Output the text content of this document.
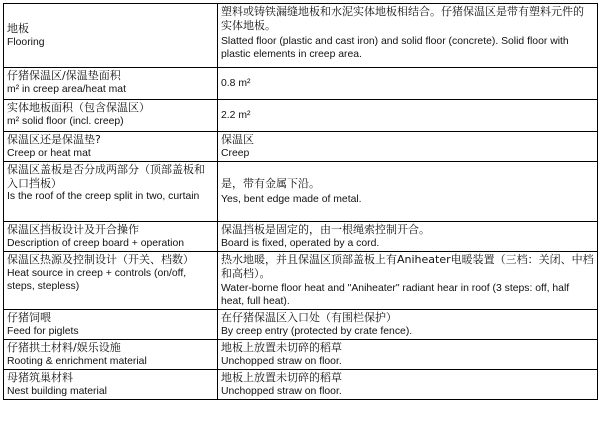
地板
Flooring	塑料或铸铁漏缝地板和水泥实体地板相结合。仔猪保温区是带有塑料元件的实体地板。
Slatted floor (plastic and cast iron) and solid floor (concrete). Solid floor with plastic elements in creep area.

仔猪保温区/保温垫面积
m² in creep area/heat mat	0.8 m²

实体地板面积（包含保温区）
m² solid floor (incl. creep)	2.2 m²

保温区还是保温垫?
Creep or heat mat	保温区
Creep

保温区盖板是否分成两部分（顶部盖板和入口挡板）
Is the roof of the creep split in two, curtain	是，带有金属下沿。
Yes, bent edge made of metal.

保温区挡板设计及开合操作
Description of creep board + operation	保温挡板是固定的，由一根绳索控制开合。
Board is fixed, operated by a cord.

保温区热源及控制设计（开关、档数）
Heat source in creep + controls (on/off, steps, stepless)	热水地暖，并且保温区顶部盖板上有Aniheater电暖装置（三档：关闭、中档和高档）。
Water-borne floor heat and "Aniheater" radiant hear in roof (3 steps: off, half heat, full heat).

仔猪饲喂
Feed for piglets	在仔猪保温区入口处（有围栏保护）
By creep entry (protected by crate fence).

仔猪拱土材料/娱乐设施
Rooting & enrichment material	地板上放置未切碎的稻草
Unchopped straw on floor.

母猪筑巢材料
Nest building material	地板上放置未切碎的稻草
Unchopped straw on floor.
